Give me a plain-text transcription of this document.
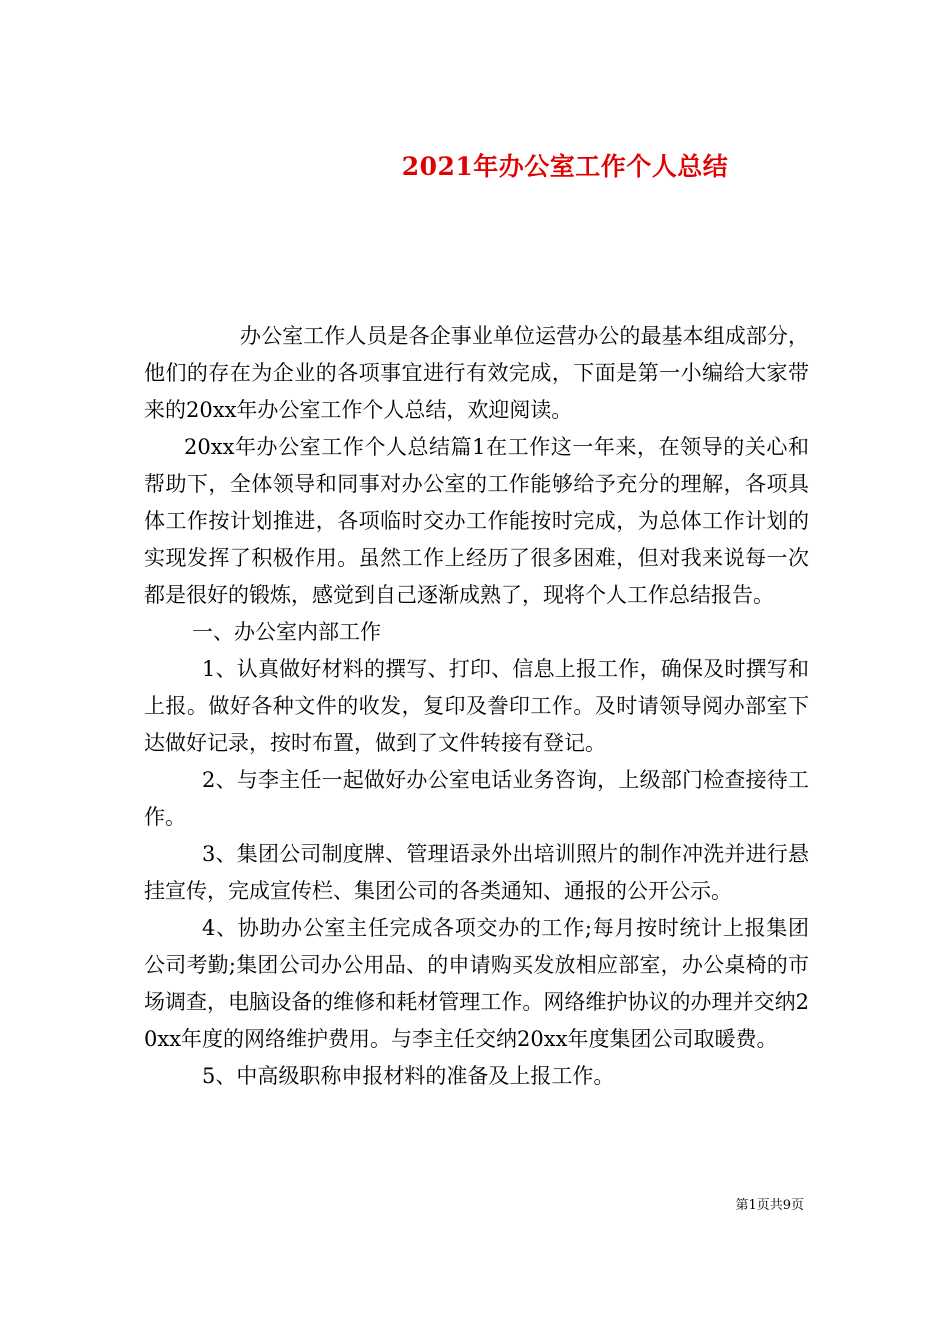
2021年办公室工作个人总结

办公室工作人员是各企事业单位运营办公的最基本组成部分，他们的存在为企业的各项事宜进行有效完成，下面是第一小编给大家带来的20xx年办公室工作个人总结，欢迎阅读。

20xx年办公室工作个人总结篇1在工作这一年来，在领导的关心和帮助下，全体领导和同事对办公室的工作能够给予充分的理解，各项具体工作按计划推进，各项临时交办工作能按时完成，为总体工作计划的实现发挥了积极作用。虽然工作上经历了很多困难，但对我来说每一次都是很好的锻炼，感觉到自己逐渐成熟了，现将个人工作总结报告。

一、办公室内部工作

1、认真做好材料的撰写、打印、信息上报工作，确保及时撰写和上报。做好各种文件的收发，复印及誊印工作。及时请领导阅办部室下达做好记录，按时布置，做到了文件转接有登记。

2、与李主任一起做好办公室电话业务咨询，上级部门检查接待工作。

3、集团公司制度牌、管理语录外出培训照片的制作冲洗并进行悬挂宣传，完成宣传栏、集团公司的各类通知、通报的公开公示。

4、协助办公室主任完成各项交办的工作;每月按时统计上报集团公司考勤;集团公司办公用品、的申请购买发放相应部室，办公桌椅的市场调查，电脑设备的维修和耗材管理工作。网络维护协议的办理并交纳20xx年度的网络维护费用。与李主任交纳20xx年度集团公司取暖费。

5、中高级职称申报材料的准备及上报工作。

第1页共9页
